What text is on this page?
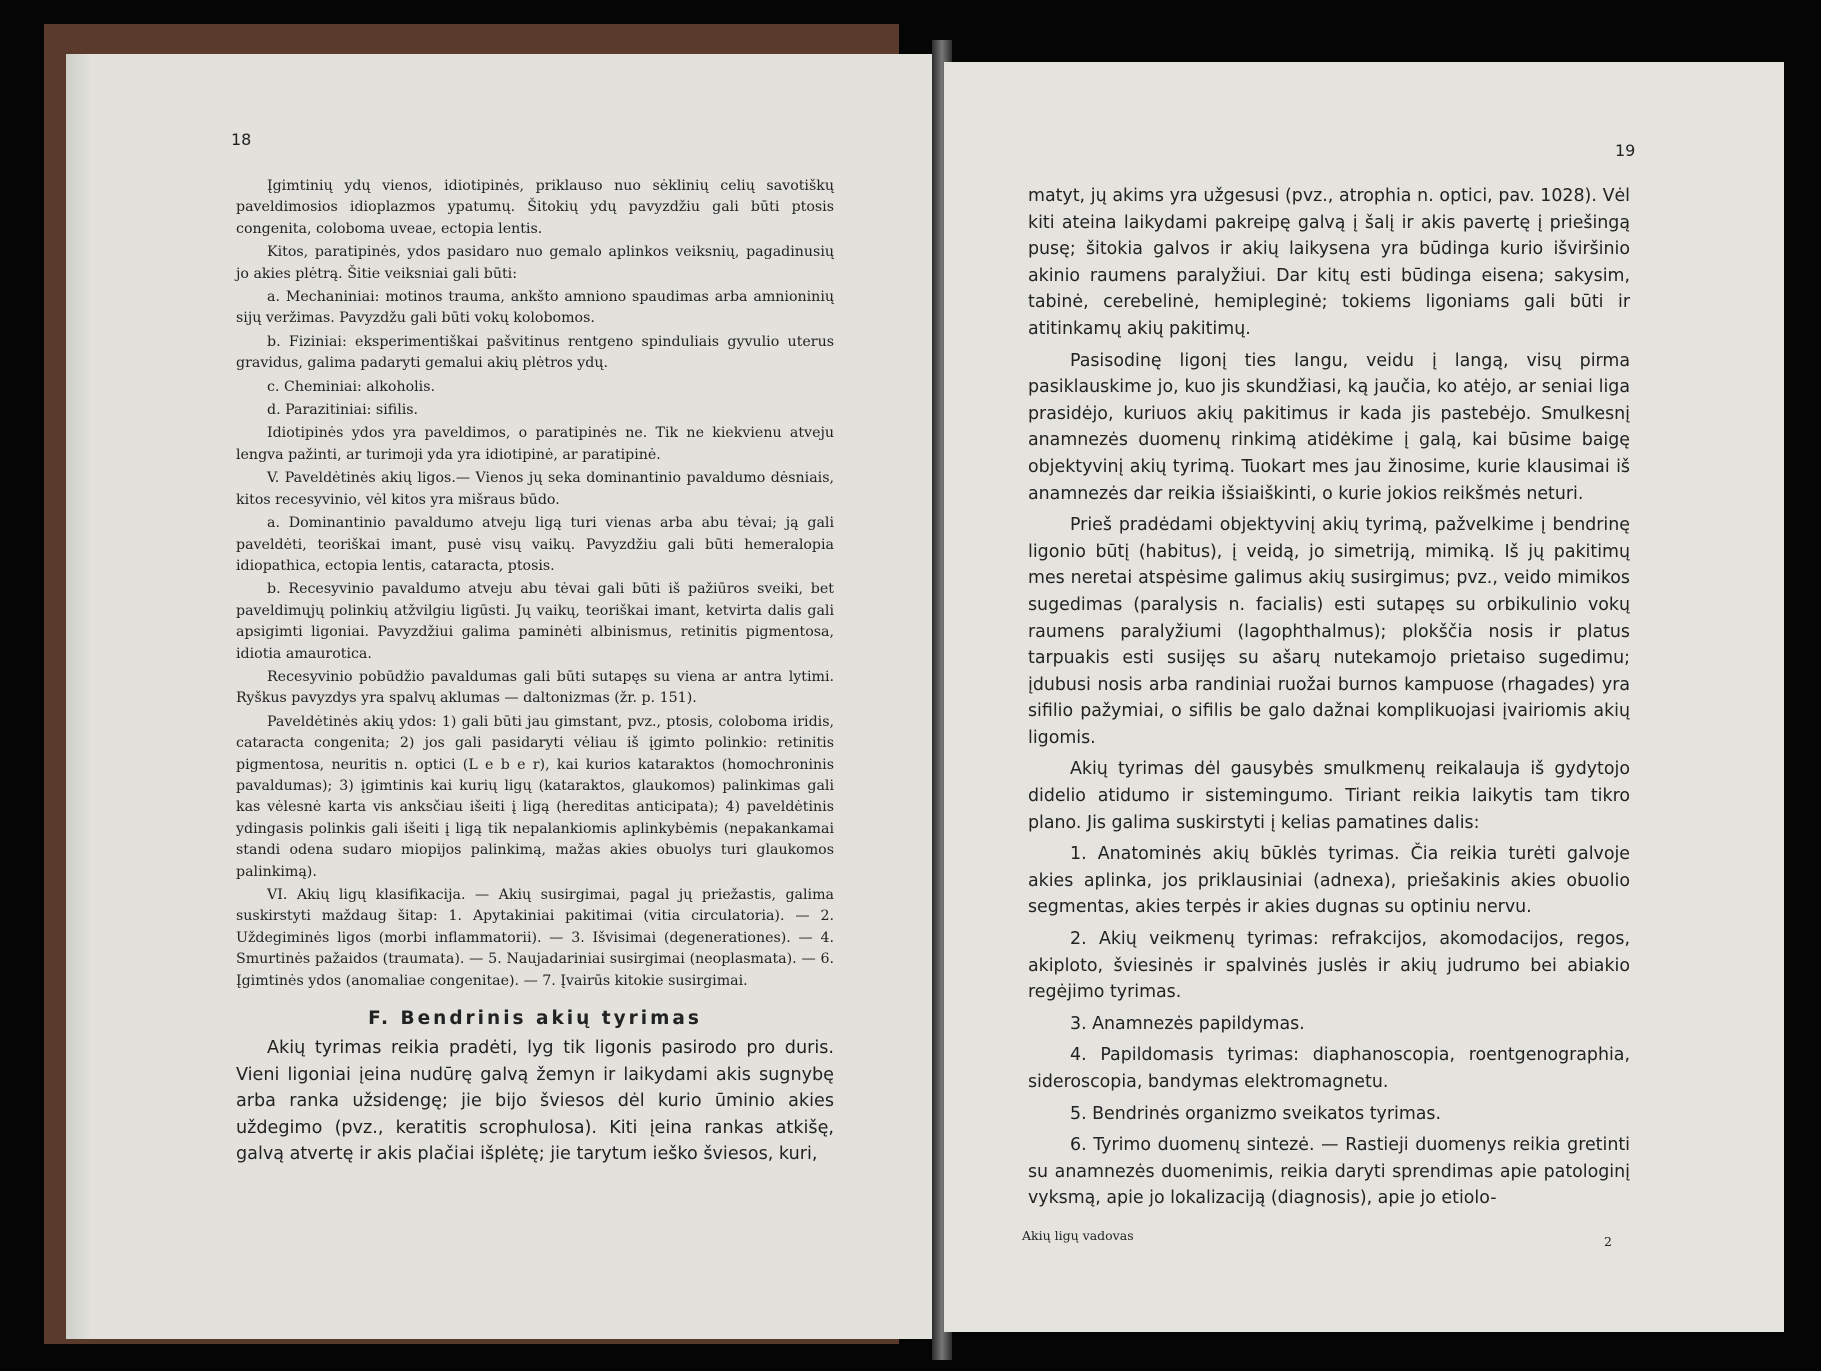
18

Įgimtinių ydų vienos, idiotipinės, priklauso nuo sėklinių celių savotiškų paveldimosios idioplazmos ypatumų. Šitokių ydų pavyzdžiu gali būti ptosis congenita, coloboma uveae, ectopia lentis.

Kitos, paratipinės, ydos pasidaro nuo gemalo aplinkos veiksnių, pagadinusių jo akies plėtrą. Šitie veiksniai gali būti:

a. Mechaniniai: motinos trauma, ankšto amniono spaudimas arba amnioninių sijų veržimas. Pavyzdžu gali būti vokų kolobomos.

b. Fiziniai: eksperimentiškai pašvitinus rentgeno spinduliais gyvulio uterus gravidus, galima padaryti gemalui akių plėtros ydų.

c. Cheminiai: alkoholis.

d. Parazitiniai: sifilis.

Idiotipinės ydos yra paveldimos, o paratipinės ne. Tik ne kiekvienu atveju lengva pažinti, ar turimoji yda yra idiotipinė, ar paratipinė.

V. Paveldėtinės akių ligos.— Vienos jų seka dominantinio pavaldumo dėsniais, kitos recesyvinio, vėl kitos yra mišraus būdo.

a. Dominantinio pavaldumo atveju ligą turi vienas arba abu tėvai; ją gali paveldėti, teoriškai imant, pusė visų vaikų. Pavyzdžiu gali būti hemeralopia idiopathica, ectopia lentis, cataracta, ptosis.

b. Recesyvinio pavaldumo atveju abu tėvai gali būti iš pažiūros sveiki, bet paveldimųjų polinkių atžvilgiu ligūsti. Jų vaikų, teoriškai imant, ketvirta dalis gali apsigimti ligoniai. Pavyzdžiui galima paminėti albinismus, retinitis pigmentosa, idiotia amaurotica.

Recesyvinio pobūdžio pavaldumas gali būti sutapęs su viena ar antra lytimi. Ryškus pavyzdys yra spalvų aklumas — daltonizmas (žr. p. 151).

Paveldėtinės akių ydos: 1) gali būti jau gimstant, pvz., ptosis, coloboma iridis, cataracta congenita; 2) jos gali pasidaryti vėliau iš įgimto polinkio: retinitis pigmentosa, neuritis n. optici (L e b e r), kai kurios kataraktos (homochroninis pavaldumas); 3) įgimtinis kai kurių ligų (kataraktos, glaukomos) palinkimas gali kas vėlesnė karta vis anksčiau išeiti į ligą (hereditas anticipata); 4) paveldėtinis ydingasis polinkis gali išeiti į ligą tik nepalankiomis aplinkybėmis (nepakankamai standi odena sudaro miopijos palinkimą, mažas akies obuolys turi glaukomos palinkimą).

VI. Akių ligų klasifikacija. — Akių susirgimai, pagal jų priežastis, galima suskirstyti maždaug šitap: 1. Apytakiniai pakitimai (vitia circulatoria). — 2. Uždegiminės ligos (morbi inflammatorii). — 3. Išvisimai (degenerationes). — 4. Smurtinės pažaidos (traumata). — 5. Naujadariniai susirgimai (neoplasmata). — 6. Įgimtinės ydos (anomaliae congenitae). — 7. Įvairūs kitokie susirgimai.

F. Bendrinis akių tyrimas

Akių tyrimas reikia pradėti, lyg tik ligonis pasirodo pro duris. Vieni ligoniai įeina nudūrę galvą žemyn ir laikydami akis sugnybę arba ranka užsidengę; jie bijo šviesos dėl kurio ūminio akies uždegimo (pvz., keratitis scrophulosa). Kiti įeina rankas atkišę, galvą atvertę ir akis plačiai išplėtę; jie tarytum ieško šviesos, kuri,

19

matyt, jų akims yra užgesusi (pvz., atrophia n. optici, pav. 1028). Vėl kiti ateina laikydami pakreipę galvą į šalį ir akis pavertę į priešingą pusę; šitokia galvos ir akių laikysena yra būdinga kurio išviršinio akinio raumens paralyžiui. Dar kitų esti būdinga eisena; sakysim, tabinė, cerebelinė, hemipleginė; tokiems ligoniams gali būti ir atitinkamų akių pakitimų.

Pasisodinę ligonį ties langu, veidu į langą, visų pirma pasiklauskime jo, kuo jis skundžiasi, ką jaučia, ko atėjo, ar seniai liga prasidėjo, kuriuos akių pakitimus ir kada jis pastebėjo. Smulkesnį anamnezės duomenų rinkimą atidėkime į galą, kai būsime baigę objektyvinį akių tyrimą. Tuokart mes jau žinosime, kurie klausimai iš anamnezės dar reikia išsiaiškinti, o kurie jokios reikšmės neturi.

Prieš pradėdami objektyvinį akių tyrimą, pažvelkime į bendrinę ligonio būtį (habitus), į veidą, jo simetriją, mimiką. Iš jų pakitimų mes neretai atspėsime galimus akių susirgimus; pvz., veido mimikos sugedimas (paralysis n. facialis) esti sutapęs su orbikulinio vokų raumens paralyžiumi (lagophthalmus); plokščia nosis ir platus tarpuakis esti susijęs su ašarų nutekamojo prietaiso sugedimu; įdubusi nosis arba randiniai ruožai burnos kampuose (rhagades) yra sifilio pažymiai, o sifilis be galo dažnai komplikuojasi įvairiomis akių ligomis.

Akių tyrimas dėl gausybės smulkmenų reikalauja iš gydytojo didelio atidumo ir sistemingumo. Tiriant reikia laikytis tam tikro plano. Jis galima suskirstyti į kelias pamatines dalis:

1. Anatominės akių būklės tyrimas. Čia reikia turėti galvoje akies aplinka, jos priklausiniai (adnexa), priešakinis akies obuolio segmentas, akies terpės ir akies dugnas su optiniu nervu.

2. Akių veikmenų tyrimas: refrakcijos, akomodacijos, regos, akiploto, šviesinės ir spalvinės juslės ir akių judrumo bei abiakio regėjimo tyrimas.

3. Anamnezės papildymas.

4. Papildomasis tyrimas: diaphanoscopia, roentgenographia, sideroscopia, bandymas elektromagnetu.

5. Bendrinės organizmo sveikatos tyrimas.

6. Tyrimo duomenų sintezė. — Rastieji duomenys reikia gretinti su anamnezės duomenimis, reikia daryti sprendimas apie patologinį vyksmą, apie jo lokalizaciją (diagnosis), apie jo etiolo-

Akių ligų vadovas	2
